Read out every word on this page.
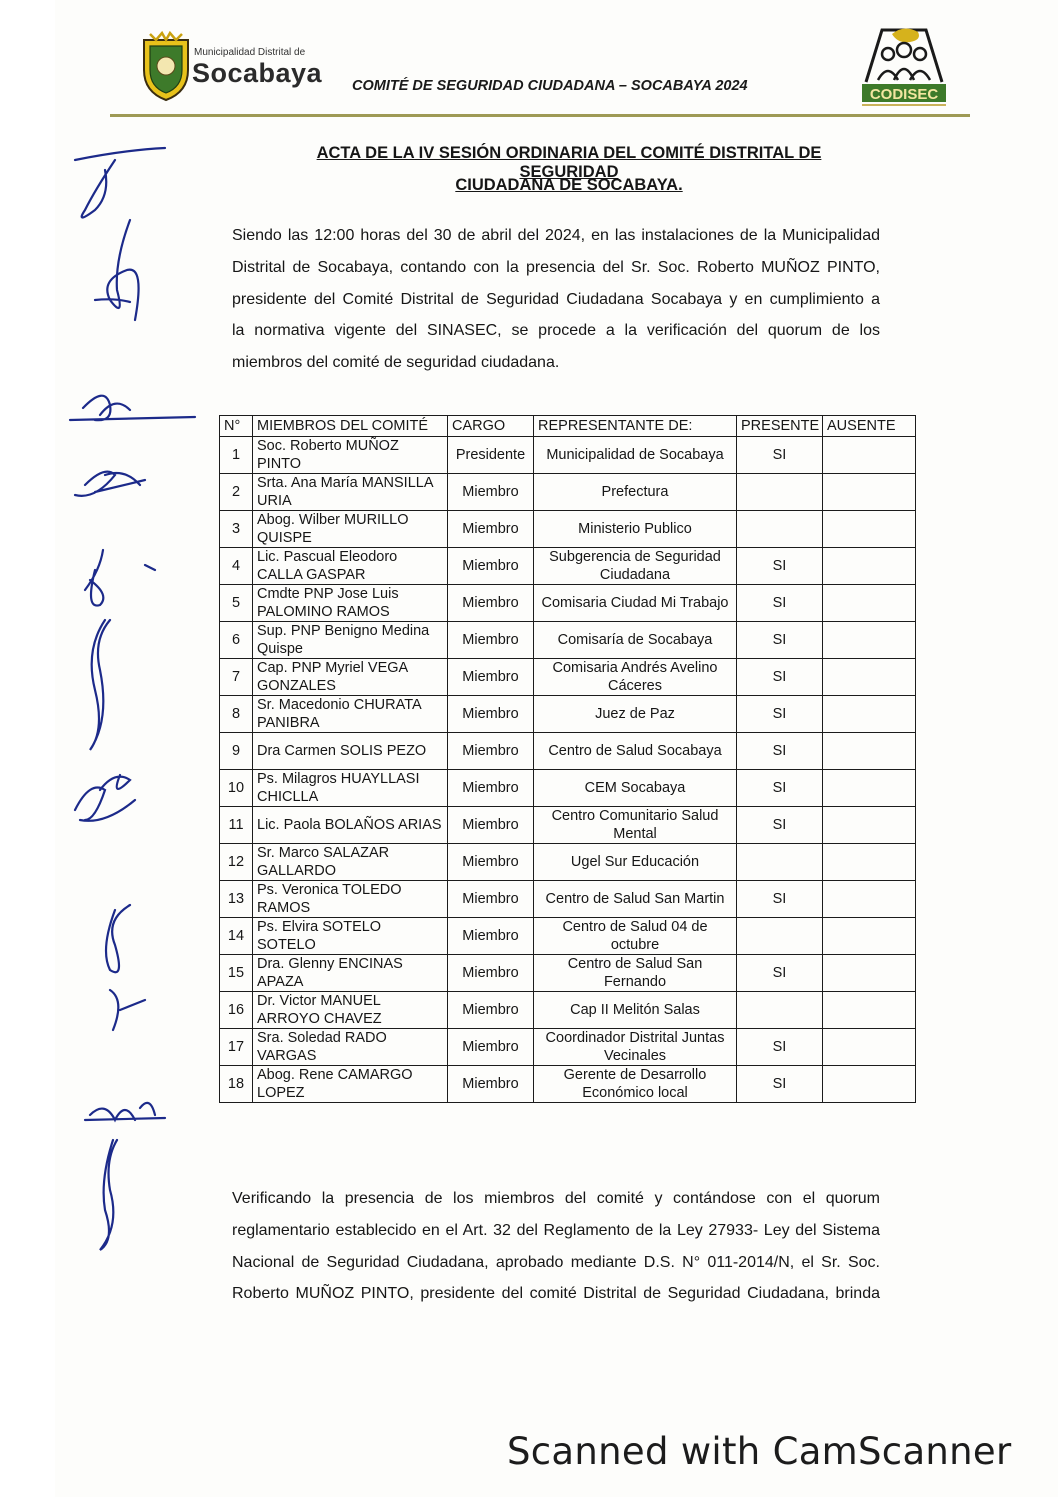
Municipalidad Distrital de
Socabaya COMITÉ DE SEGURIDAD CIUDADANA – SOCABAYA 2024	CODISEC
ACTA DE LA IV SESIÓN ORDINARIA DEL COMITÉ DISTRITAL DE SEGURIDAD
CIUDADANA DE SOCABAYA.
Siendo las 12:00 horas del 30 de abril del 2024, en las instalaciones de la Municipalidad
Distrital de Socabaya, contando con la presencia del Sr. Soc. Roberto MUÑOZ PINTO,
presidente del Comité Distrital de Seguridad Ciudadana Socabaya y en cumplimiento a
la normativa vigente del SINASEC, se procede a la verificación del quorum de los
miembros del comité de seguridad ciudadana.
N°	MIEMBROS DEL COMITÉ	CARGO	REPRESENTANTE DE:	PRESENTE	AUSENTE
1	Soc. Roberto MUÑOZ PINTO	Presidente	Municipalidad de Socabaya	SI	
2	Srta. Ana María MANSILLA URIA	Miembro	Prefectura		
3	Abog. Wilber MURILLO QUISPE	Miembro	Ministerio Publico		
4	Lic. Pascual Eleodoro CALLA GASPAR	Miembro	Subgerencia de Seguridad Ciudadana	SI	
5	Cmdte PNP Jose Luis PALOMINO RAMOS	Miembro	Comisaria Ciudad Mi Trabajo	SI	
6	Sup. PNP Benigno Medina Quispe	Miembro	Comisaría de Socabaya	SI	
7	Cap. PNP Myriel VEGA GONZALES	Miembro	Comisaria Andrés Avelino Cáceres	SI	
8	Sr. Macedonio CHURATA PANIBRA	Miembro	Juez de Paz	SI	
9	Dra Carmen SOLIS PEZO	Miembro	Centro de Salud Socabaya	SI	
10	Ps. Milagros HUAYLLASI CHICLLA	Miembro	CEM Socabaya	SI	
11	Lic. Paola BOLAÑOS ARIAS	Miembro	Centro Comunitario Salud Mental	SI	
12	Sr. Marco SALAZAR GALLARDO	Miembro	Ugel Sur Educación		
13	Ps. Veronica TOLEDO RAMOS	Miembro	Centro de Salud San Martin	SI	
14	Ps. Elvira SOTELO SOTELO	Miembro	Centro de Salud 04 de octubre		
15	Dra. Glenny ENCINAS APAZA	Miembro	Centro de Salud San Fernando	SI	
16	Dr. Victor MANUEL ARROYO CHAVEZ	Miembro	Cap II Melitón Salas		
17	Sra. Soledad RADO VARGAS	Miembro	Coordinador Distrital Juntas Vecinales	SI	
18	Abog. Rene CAMARGO LOPEZ	Miembro	Gerente de Desarrollo Económico local	SI	
Verificando la presencia de los miembros del comité y contándose con el quorum
reglamentario establecido en el Art. 32 del Reglamento de la Ley 27933- Ley del Sistema
Nacional de Seguridad Ciudadana, aprobado mediante D.S. N° 011-2014/N, el Sr. Soc.
Roberto MUÑOZ PINTO, presidente del comité Distrital de Seguridad Ciudadana, brinda
Scanned with CamScanner
